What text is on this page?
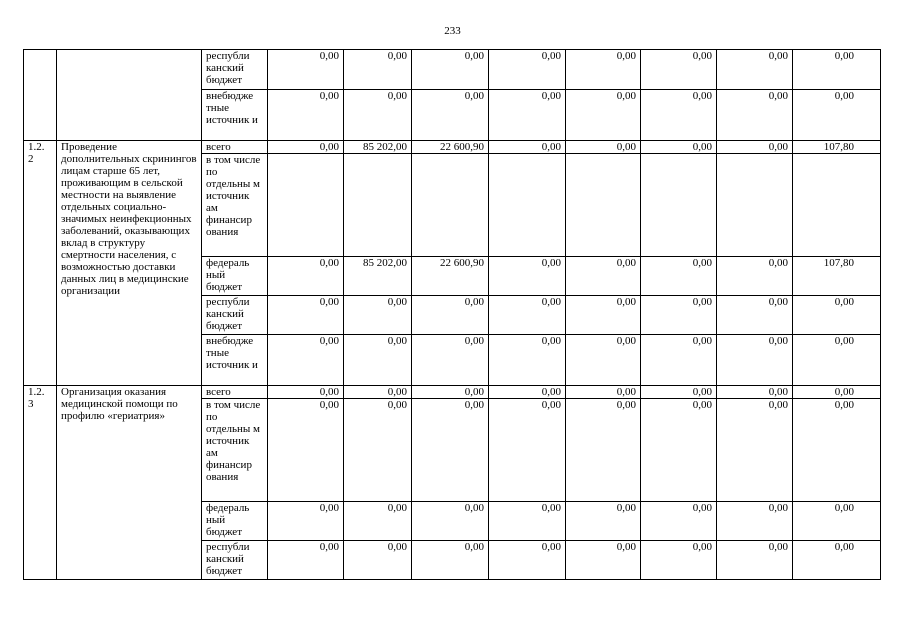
233
		республи канский бюджет	0,00	0,00	0,00	0,00	0,00	0,00	0,00	0,00
		внебюдже тные источник и	0,00	0,00	0,00	0,00	0,00	0,00	0,00	0,00
1.2. 2	Проведение дополнительных скринингов лицам старше 65 лет, проживающим в сельской местности на выявление отдельных социально-значимых неинфекционных заболеваний, оказывающих вклад в структуру смертности населения, с возможностью доставки данных лиц в медицинские организации	всего	0,00	85 202,00	22 600,90	0,00	0,00	0,00	0,00	107,80
		в том числе по отдельны м источник ам финансир ования								
		федераль ный бюджет	0,00	85 202,00	22 600,90	0,00	0,00	0,00	0,00	107,80
		республи канский бюджет	0,00	0,00	0,00	0,00	0,00	0,00	0,00	0,00
		внебюдже тные источник и	0,00	0,00	0,00	0,00	0,00	0,00	0,00	0,00
1.2. 3	Организация оказания медицинской помощи по профилю «гериатрия»	всего	0,00	0,00	0,00	0,00	0,00	0,00	0,00	0,00
		в том числе по отдельны м источник ам финансир ования	0,00	0,00	0,00	0,00	0,00	0,00	0,00	0,00
		федераль ный бюджет	0,00	0,00	0,00	0,00	0,00	0,00	0,00	0,00
		республи канский бюджет	0,00	0,00	0,00	0,00	0,00	0,00	0,00	0,00
